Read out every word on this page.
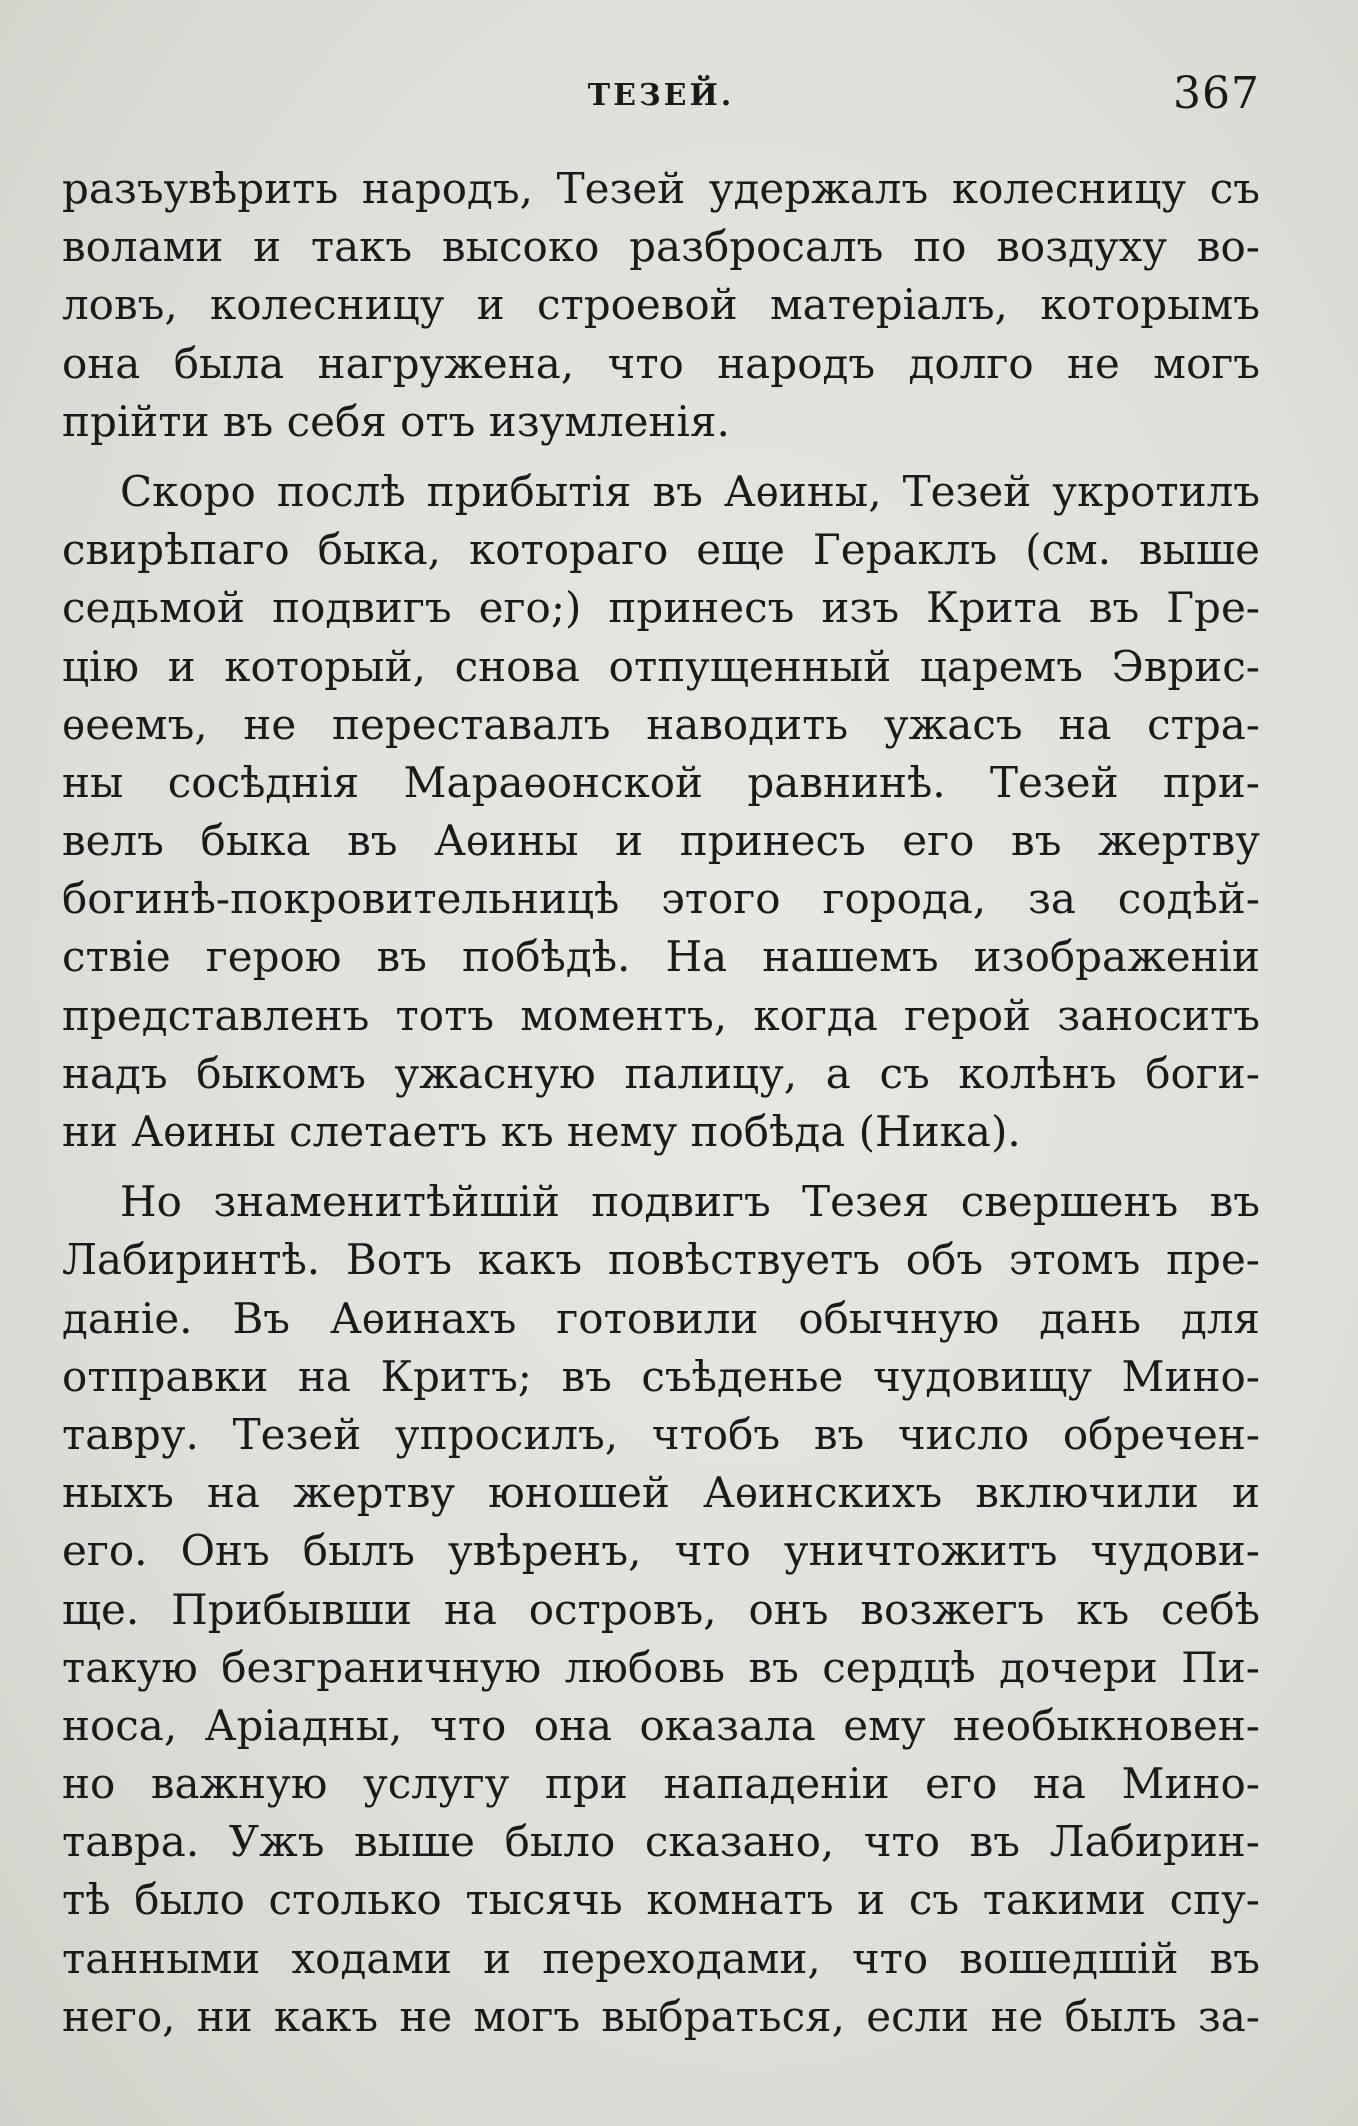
ТЕЗЕЙ.	367
разъувѣрить народъ, Тезей удержалъ колесницу съ
волами и такъ высоко разбросалъ по воздуху во-
ловъ, колесницу и строевой матеріалъ, которымъ
она была нагружена, что народъ долго не могъ
прійти въ себя отъ изумленія.
Скоро послѣ прибытія въ Аѳины, Тезей укротилъ
свирѣпаго быка, котораго еще Гераклъ (см. выше
седьмой подвигъ его;) принесъ изъ Крита въ Гре-
цію и который, снова отпущенный царемъ Эврис-
ѳеемъ, не переставалъ наводить ужасъ на стра-
ны сосѣднія Мараѳонской равнинѣ. Тезей при-
велъ быка въ Аѳины и принесъ его въ жертву
богинѣ-покровительницѣ этого города, за содѣй-
ствіе герою въ побѣдѣ. На нашемъ изображеніи
представленъ тотъ моментъ, когда герой заноситъ
надъ быкомъ ужасную палицу, а съ колѣнъ боги-
ни Аѳины слетаетъ къ нему побѣда (Ника).
Но знаменитѣйшій подвигъ Тезея свершенъ въ
Лабиринтѣ. Вотъ какъ повѣствуетъ объ этомъ пре-
даніе. Въ Аѳинахъ готовили обычную дань для
отправки на Критъ; въ съѣденье чудовищу Мино-
тавру. Тезей упросилъ, чтобъ въ число обречен-
ныхъ на жертву юношей Аѳинскихъ включили и
его. Онъ былъ увѣренъ, что уничтожитъ чудови-
ще. Прибывши на островъ, онъ возжегъ къ себѣ
такую безграничную любовь въ сердцѣ дочери Пи-
носа, Аріадны, что она оказала ему необыкновен-
но важную услугу при нападеніи его на Мино-
тавра. Ужъ выше было сказано, что въ Лабирин-
тѣ было столько тысячь комнатъ и съ такими спу-
танными ходами и переходами, что вошедшій въ
него, ни какъ не могъ выбраться, если не былъ за-
